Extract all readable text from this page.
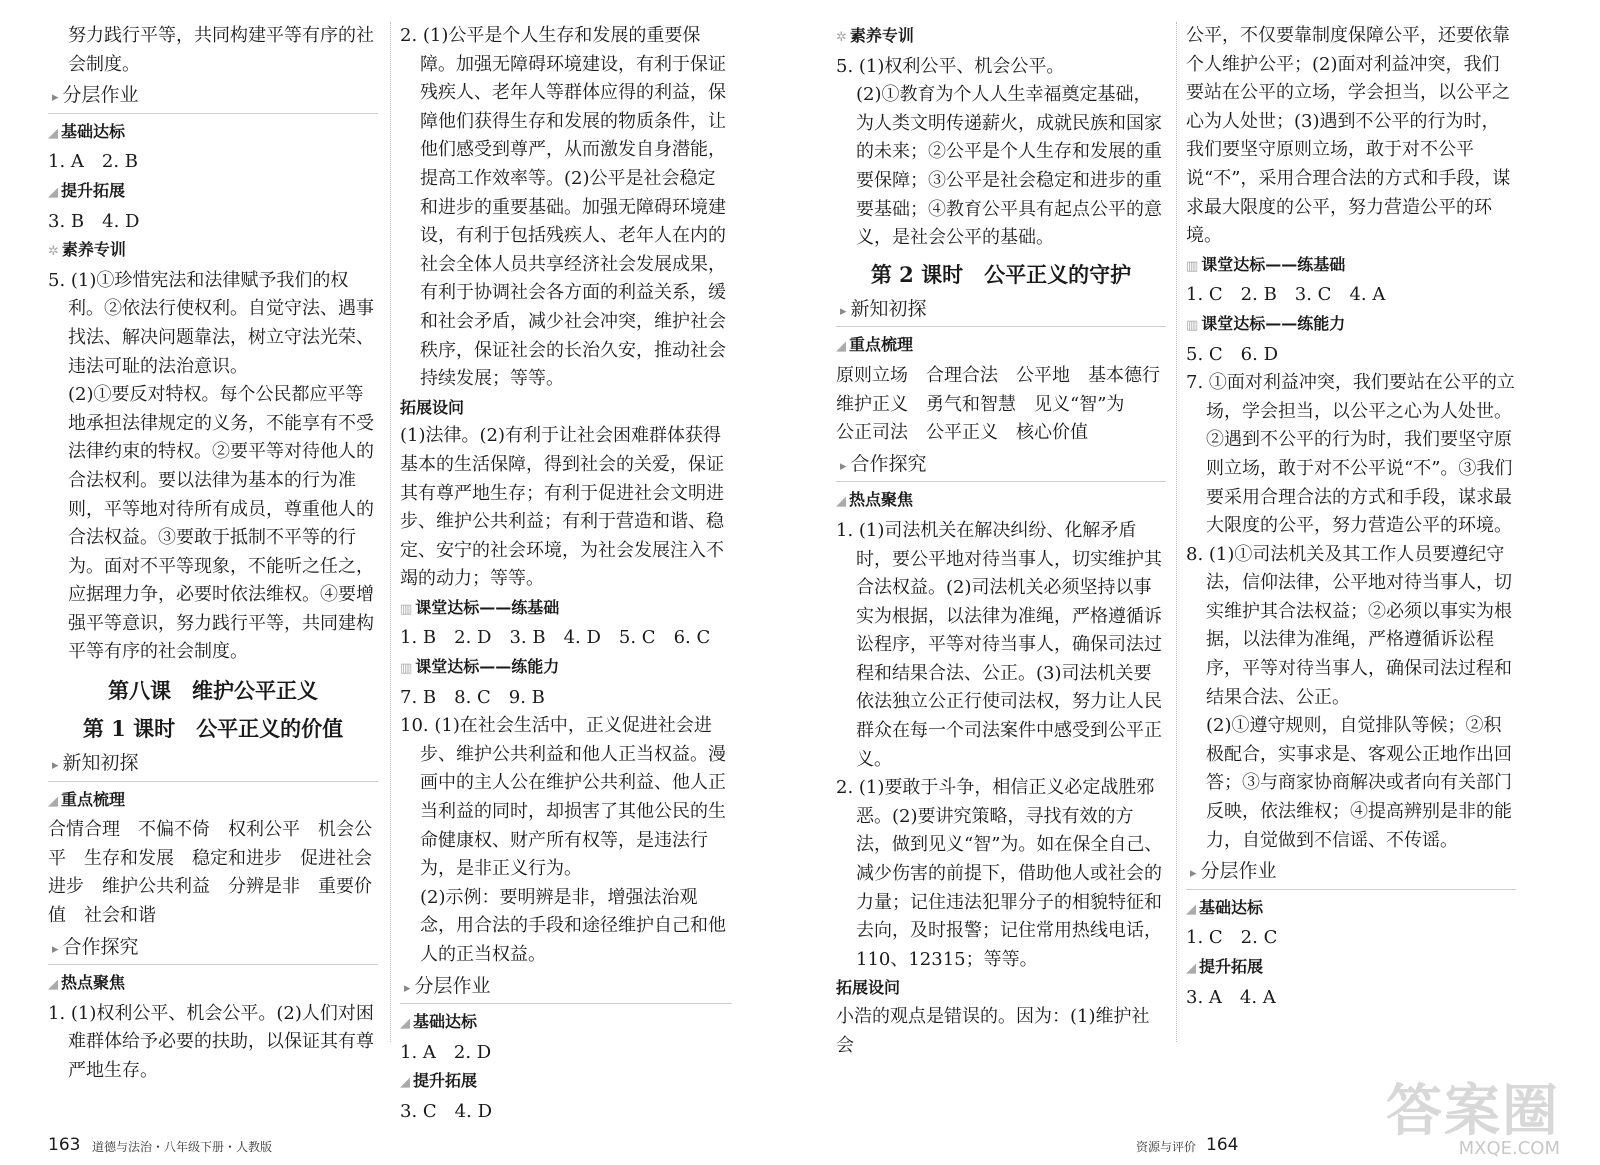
努力践行平等，共同构建平等有序的社

会制度。

▸ 分层作业
◢ 基础达标

1. A　2. B

◢ 提升拓展

3. B　4. D

✲ 素养专训

5. (1)①珍惜宪法和法律赋予我们的权利。②依法行使权利。自觉守法、遇事找法、解决问题靠法，树立守法光荣、违法可耻的法治意识。

(2)①要反对特权。每个公民都应平等地承担法律规定的义务，不能享有不受法律约束的特权。②要平等对待他人的合法权利。要以法律为基本的行为准则，平等地对待所有成员，尊重他人的合法权益。③要敢于抵制不平等的行为。面对不平等现象，不能听之任之，应据理力争，必要时依法维权。④要增强平等意识，努力践行平等，共同建构平等有序的社会制度。

第八课　维护公平正义
第 1 课时　公平正义的价值
▸ 新知初探
◢ 重点梳理

合情合理　不偏不倚　权利公平　机会公平　生存和发展　稳定和进步　促进社会进步　维护公共利益　分辨是非　重要价值　社会和谐

▸ 合作探究
◢ 热点聚焦

1. (1)权利公平、机会公平。(2)人们对困难群体给予必要的扶助，以保证其有尊严地生存。

2. (1)公平是个人生存和发展的重要保障。加强无障碍环境建设，有利于保证残疾人、老年人等群体应得的利益，保障他们获得生存和发展的物质条件，让他们感受到尊严，从而激发自身潜能，提高工作效率等。(2)公平是社会稳定和进步的重要基础。加强无障碍环境建设，有利于包括残疾人、老年人在内的社会全体人员共享经济社会发展成果，有利于协调社会各方面的利益关系，缓和社会矛盾，减少社会冲突，维护社会秩序，保证社会的长治久安，推动社会持续发展；等等。

拓展设问

(1)法律。(2)有利于让社会困难群体获得基本的生活保障，得到社会的关爱，保证其有尊严地生存；有利于促进社会文明进步、维护公共利益；有利于营造和谐、稳定、安宁的社会环境，为社会发展注入不竭的动力；等等。

▥ 课堂达标——练基础

1. B　2. D　3. B　4. D　5. C　6. C

▥ 课堂达标——练能力

7. B　8. C　9. B

10. (1)在社会生活中，正义促进社会进步、维护公共利益和他人正当权益。漫画中的主人公在维护公共利益、他人正当利益的同时，却损害了其他公民的生命健康权、财产所有权等，是违法行为，是非正义行为。

(2)示例：要明辨是非，增强法治观念，用合法的手段和途径维护自己和他人的正当权益。

▸ 分层作业
◢ 基础达标

1. A　2. D

◢ 提升拓展

3. C　4. D

✲ 素养专训

5. (1)权利公平、机会公平。

(2)①教育为个人人生幸福奠定基础，为人类文明传递薪火，成就民族和国家的未来；②公平是个人生存和发展的重要保障；③公平是社会稳定和进步的重要基础；④教育公平具有起点公平的意义，是社会公平的基础。

第 2 课时　公平正义的守护
▸ 新知初探
◢ 重点梳理

原则立场　合理合法　公平地　基本德行

维护正义　勇气和智慧　见义“智”为

公正司法　公平正义　核心价值

▸ 合作探究
◢ 热点聚焦

1. (1)司法机关在解决纠纷、化解矛盾时，要公平地对待当事人，切实维护其合法权益。(2)司法机关必须坚持以事实为根据，以法律为准绳，严格遵循诉讼程序，平等对待当事人，确保司法过程和结果合法、公正。(3)司法机关要依法独立公正行使司法权，努力让人民群众在每一个司法案件中感受到公平正义。

2. (1)要敢于斗争，相信正义必定战胜邪恶。(2)要讲究策略，寻找有效的方法，做到见义“智”为。如在保全自己、减少伤害的前提下，借助他人或社会的力量；记住违法犯罪分子的相貌特征和去向，及时报警；记住常用热线电话，110、12315；等等。

拓展设问

小浩的观点是错误的。因为：(1)维护社会

公平，不仅要靠制度保障公平，还要依靠个人维护公平；(2)面对利益冲突，我们要站在公平的立场，学会担当，以公平之心为人处世；(3)遇到不公平的行为时，我们要坚守原则立场，敢于对不公平说“不”，采用合理合法的方式和手段，谋求最大限度的公平，努力营造公平的环境。

▥ 课堂达标——练基础

1. C　2. B　3. C　4. A

▥ 课堂达标——练能力

5. C　6. D

7. ①面对利益冲突，我们要站在公平的立场，学会担当，以公平之心为人处世。②遇到不公平的行为时，我们要坚守原则立场，敢于对不公平说“不”。③我们要采用合理合法的方式和手段，谋求最大限度的公平，努力营造公平的环境。

8. (1)①司法机关及其工作人员要遵纪守法，信仰法律，公平地对待当事人，切实维护其合法权益；②必须以事实为根据，以法律为准绳，严格遵循诉讼程序，平等对待当事人，确保司法过程和结果合法、公正。

(2)①遵守规则，自觉排队等候；②积极配合，实事求是、客观公正地作出回答；③与商家协商解决或者向有关部门反映，依法维权；④提高辨别是非的能力，自觉做到不信谣、不传谣。

▸ 分层作业
◢ 基础达标

1. C　2. C

◢ 提升拓展

3. A　4. A

163 道德与法治・八年级下册・人教版	资源与评价 164
答案圈
MXQE.COM
